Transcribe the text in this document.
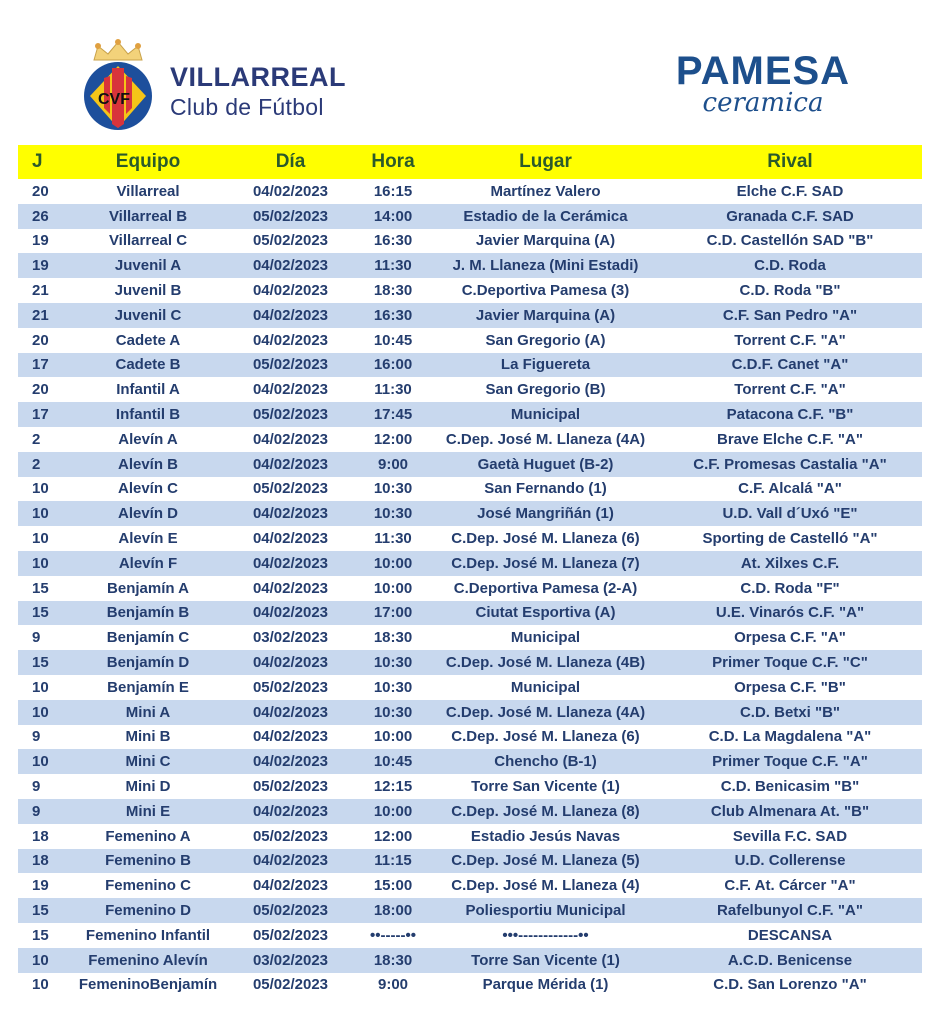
CVF
VILLARREAL
Club de Fútbol
PAMESA
ceramica
J	Equipo	Día	Hora	Lugar	Rival
20	Villarreal	04/02/2023	16:15	Martínez Valero	Elche C.F. SAD
26	Villarreal B	05/02/2023	14:00	Estadio de la Cerámica	Granada C.F. SAD
19	Villarreal C	05/02/2023	16:30	Javier Marquina (A)	C.D. Castellón SAD "B"
19	Juvenil A	04/02/2023	11:30	J. M. Llaneza (Mini Estadi)	C.D. Roda
21	Juvenil B	04/02/2023	18:30	C.Deportiva Pamesa (3)	C.D. Roda "B"
21	Juvenil C	04/02/2023	16:30	Javier Marquina (A)	C.F. San Pedro "A"
20	Cadete A	04/02/2023	10:45	San Gregorio (A)	Torrent C.F. "A"
17	Cadete B	05/02/2023	16:00	La Figuereta	C.D.F. Canet "A"
20	Infantil A	04/02/2023	11:30	San Gregorio (B)	Torrent C.F. "A"
17	Infantil B	05/02/2023	17:45	Municipal	Patacona C.F. "B"
2	Alevín A	04/02/2023	12:00	C.Dep. José M. Llaneza (4A)	Brave Elche C.F. "A"
2	Alevín B	04/02/2023	9:00	Gaetà Huguet (B-2)	C.F. Promesas Castalia "A"
10	Alevín C	05/02/2023	10:30	San Fernando (1)	C.F. Alcalá "A"
10	Alevín D	04/02/2023	10:30	José Mangriñán (1)	U.D. Vall d´Uxó "E"
10	Alevín E	04/02/2023	11:30	C.Dep. José M. Llaneza (6)	Sporting de Castelló "A"
10	Alevín F	04/02/2023	10:00	C.Dep. José M. Llaneza (7)	At. Xilxes C.F.
15	Benjamín A	04/02/2023	10:00	C.Deportiva Pamesa (2-A)	C.D. Roda "F"
15	Benjamín B	04/02/2023	17:00	Ciutat Esportiva (A)	U.E. Vinarós C.F. "A"
9	Benjamín C	03/02/2023	18:30	Municipal	Orpesa C.F. "A"
15	Benjamín D	04/02/2023	10:30	C.Dep. José M. Llaneza (4B)	Primer Toque C.F. "C"
10	Benjamín E	05/02/2023	10:30	Municipal	Orpesa C.F. "B"
10	Mini A	04/02/2023	10:30	C.Dep. José M. Llaneza (4A)	C.D. Betxi "B"
9	Mini B	04/02/2023	10:00	C.Dep. José M. Llaneza (6)	C.D. La Magdalena "A"
10	Mini C	04/02/2023	10:45	Chencho (B-1)	Primer Toque C.F. "A"
9	Mini D	05/02/2023	12:15	Torre San Vicente (1)	C.D. Benicasim "B"
9	Mini E	04/02/2023	10:00	C.Dep. José M. Llaneza (8)	Club Almenara At. "B"
18	Femenino A	05/02/2023	12:00	Estadio Jesús Navas	Sevilla F.C. SAD
18	Femenino B	04/02/2023	11:15	C.Dep. José M. Llaneza (5)	U.D. Collerense
19	Femenino C	04/02/2023	15:00	C.Dep. José M. Llaneza (4)	C.F. At. Cárcer "A"
15	Femenino D	05/02/2023	18:00	Poliesportiu Municipal	Rafelbunyol C.F. "A"
15	Femenino Infantil	05/02/2023	••-----••	•••------------••	DESCANSA
10	Femenino Alevín	03/02/2023	18:30	Torre San Vicente (1)	A.C.D. Benicense
10	FemeninoBenjamín	05/02/2023	9:00	Parque Mérida (1)	C.D. San Lorenzo "A"
